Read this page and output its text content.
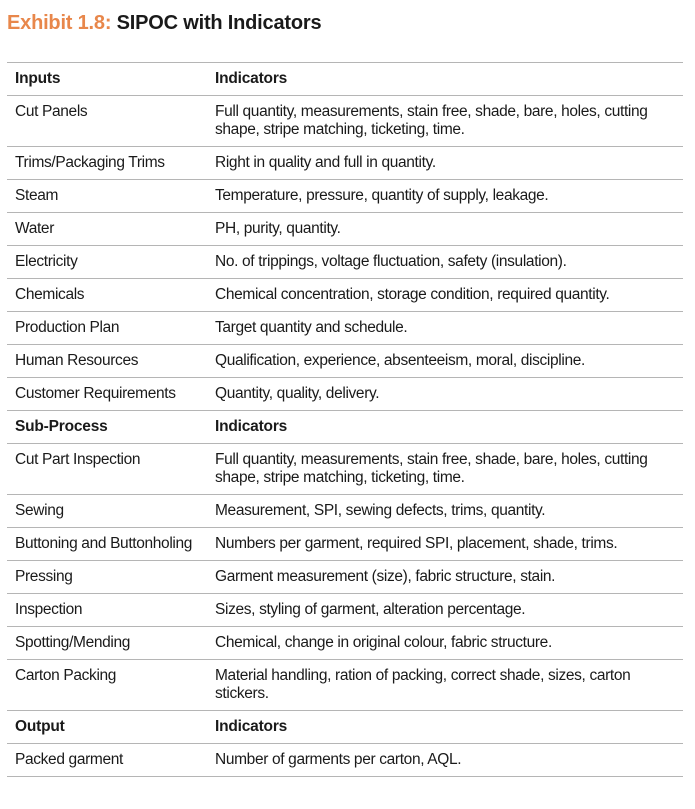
Exhibit 1.8: SIPOC with Indicators
Inputs	Indicators
Cut Panels	Full quantity, measurements, stain free, shade, bare, holes, cutting shape, stripe matching, ticketing, time.
Trims/Packaging Trims	Right in quality and full in quantity.
Steam	Temperature, pressure, quantity of supply, leakage.
Water	PH, purity, quantity.
Electricity	No. of trippings, voltage fluctuation, safety (insulation).
Chemicals	Chemical concentration, storage condition, required quantity.
Production Plan	Target quantity and schedule.
Human Resources	Qualification, experience, absenteeism, moral, discipline.
Customer Requirements	Quantity, quality, delivery.
Sub-Process	Indicators
Cut Part Inspection	Full quantity, measurements, stain free, shade, bare, holes, cutting shape, stripe matching, ticketing, time.
Sewing	Measurement, SPI, sewing defects, trims, quantity.
Buttoning and Buttonholing	Numbers per garment, required SPI, placement, shade, trims.
Pressing	Garment measurement (size), fabric structure, stain.
Inspection	Sizes, styling of garment, alteration percentage.
Spotting/Mending	Chemical, change in original colour, fabric structure.
Carton Packing	Material handling, ration of packing, correct shade, sizes, carton stickers.
Output	Indicators
Packed garment	Number of garments per carton, AQL.
